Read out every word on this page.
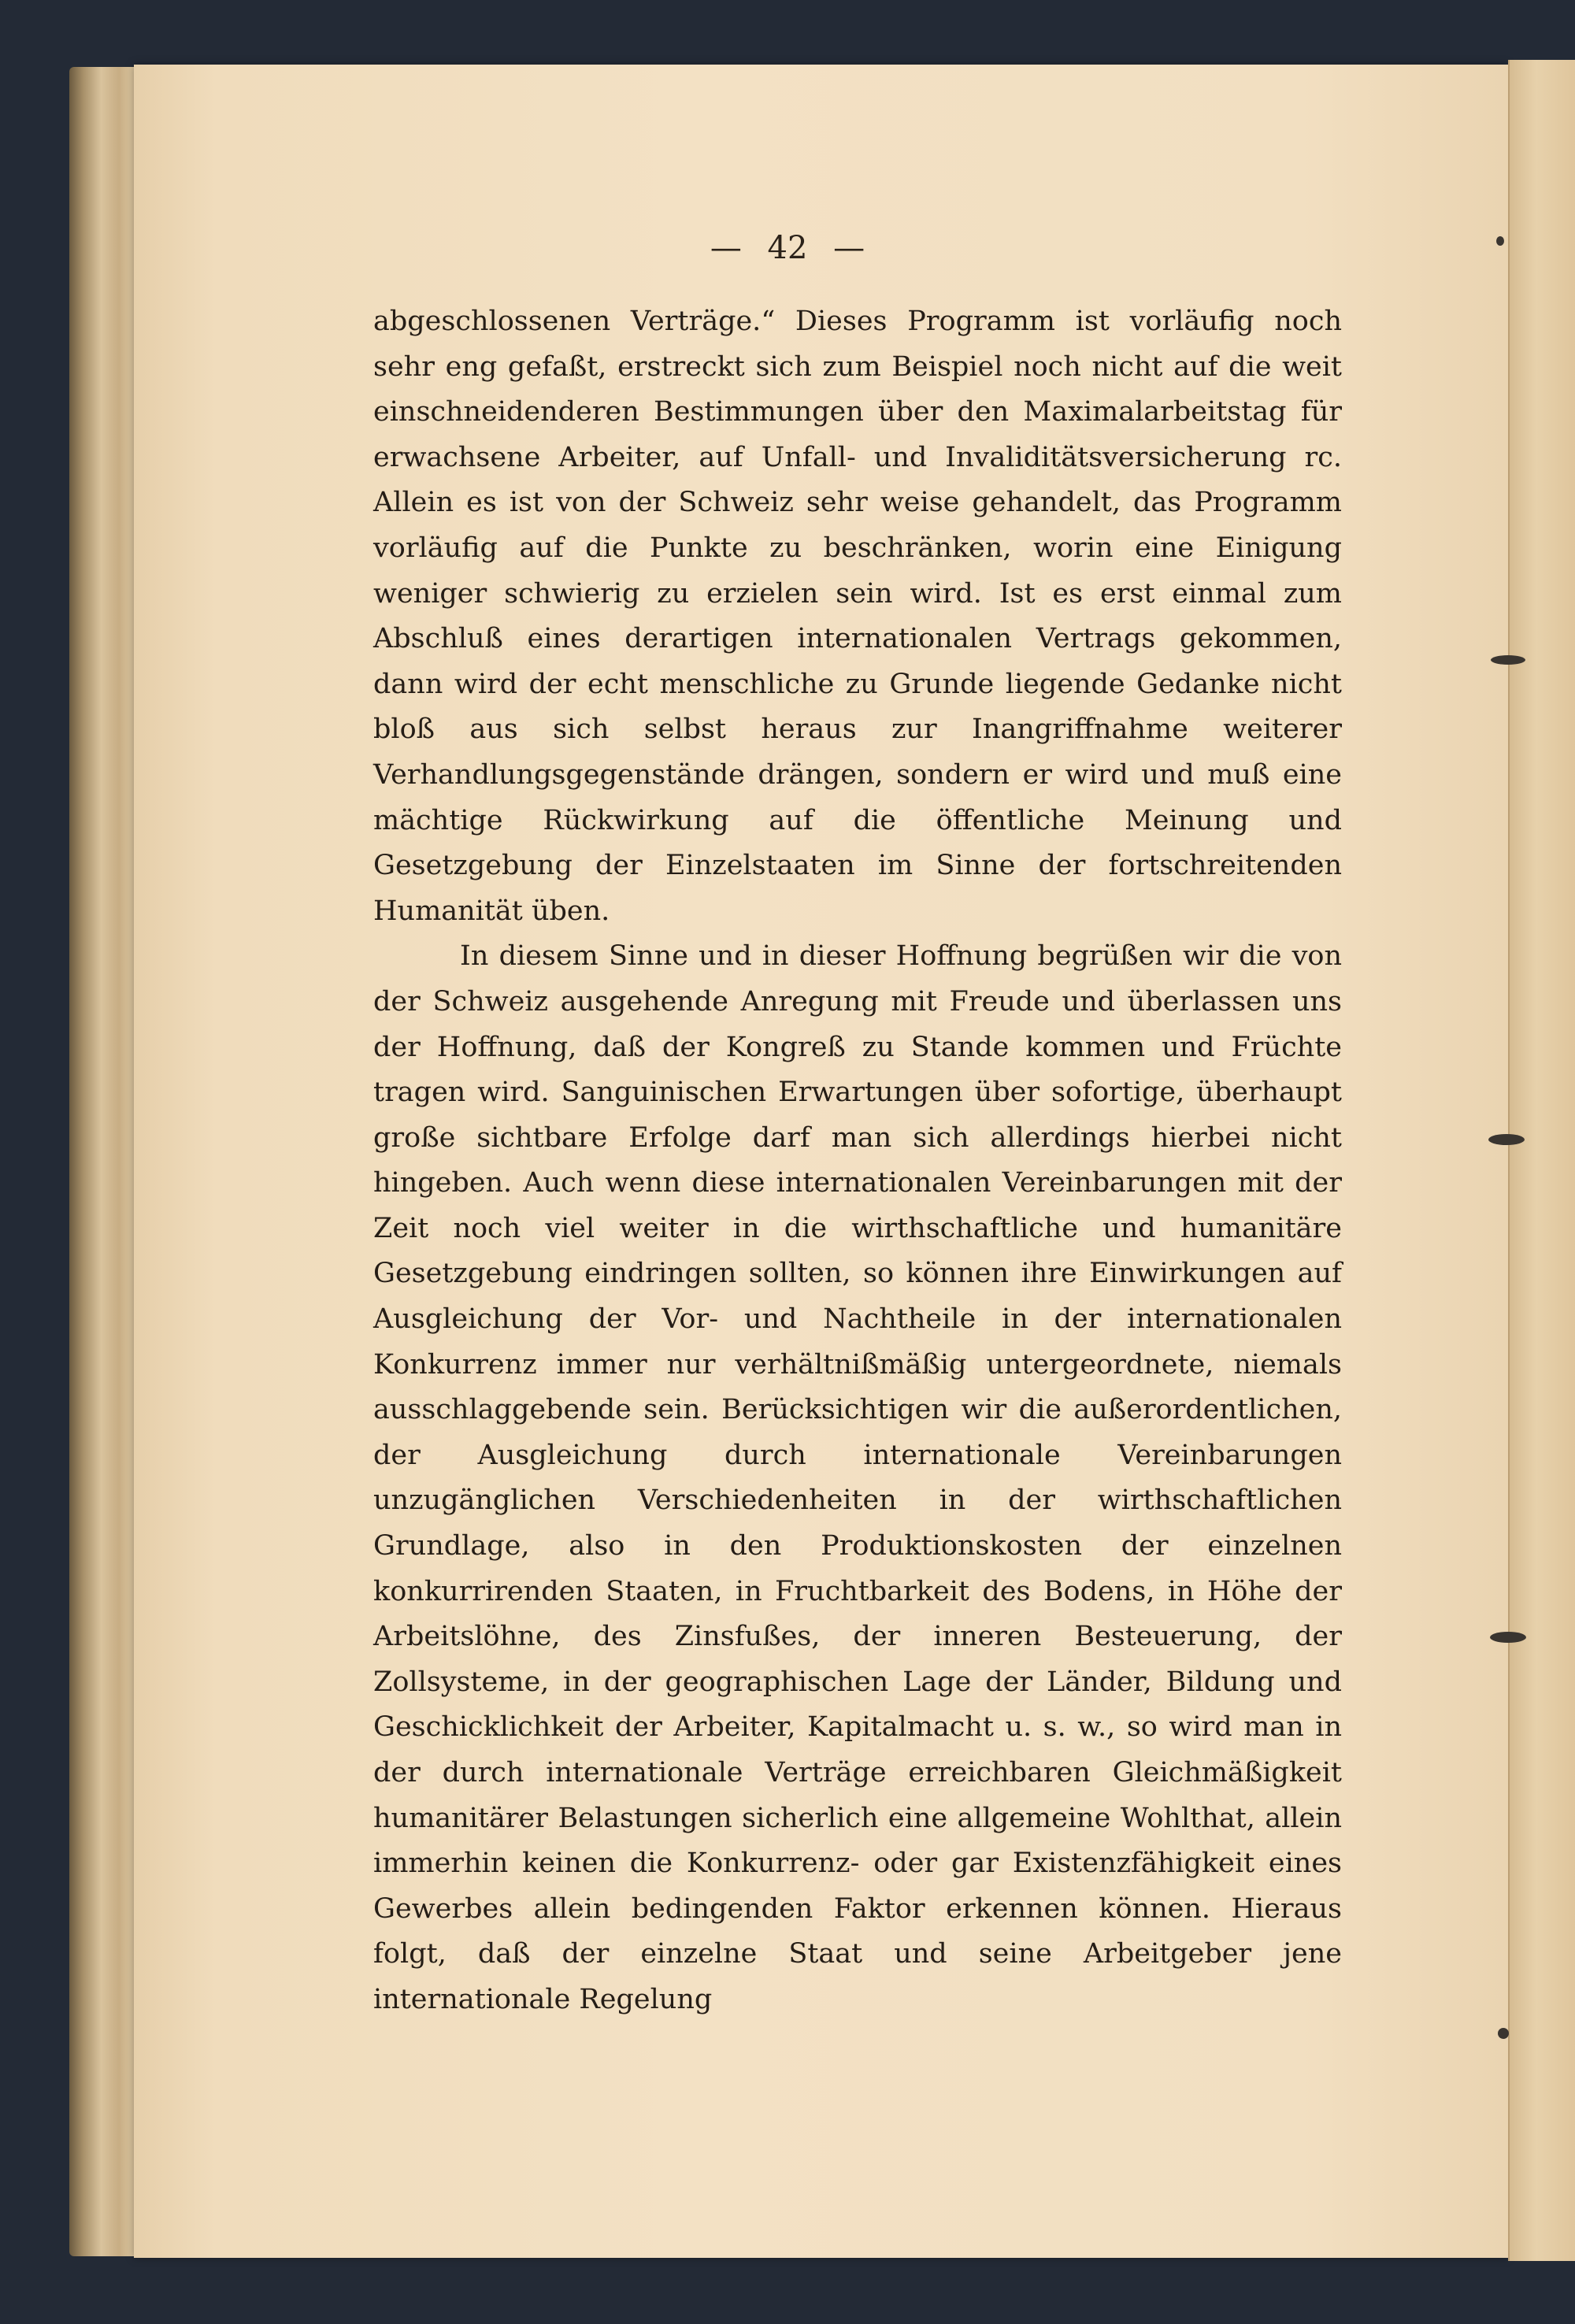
— 42 —

abgeschlossenen Verträge.“ Dieses Programm ist vorläufig noch sehr eng gefaßt, erstreckt sich zum Beispiel noch nicht auf die weit einschneidenderen Bestimmungen über den Maximalarbeitstag für erwachsene Arbeiter, auf Unfall- und Invaliditätsversicherung rc. Allein es ist von der Schweiz sehr weise gehandelt, das Programm vorläufig auf die Punkte zu beschränken, worin eine Einigung weniger schwierig zu erzielen sein wird. Ist es erst einmal zum Abschluß eines derartigen internationalen Vertrags gekommen, dann wird der echt menschliche zu Grunde liegende Gedanke nicht bloß aus sich selbst heraus zur Inangriffnahme weiterer Verhandlungsgegenstände drängen, sondern er wird und muß eine mächtige Rückwirkung auf die öffentliche Meinung und Gesetzgebung der Einzelstaaten im Sinne der fortschreitenden Humanität üben.

In diesem Sinne und in dieser Hoffnung begrüßen wir die von der Schweiz ausgehende Anregung mit Freude und überlassen uns der Hoffnung, daß der Kongreß zu Stande kommen und Früchte tragen wird. Sanguinischen Erwartungen über sofortige, überhaupt große sichtbare Erfolge darf man sich allerdings hierbei nicht hingeben. Auch wenn diese internationalen Vereinbarungen mit der Zeit noch viel weiter in die wirthschaftliche und humanitäre Gesetzgebung eindringen sollten, so können ihre Einwirkungen auf Ausgleichung der Vor- und Nachtheile in der internationalen Konkurrenz immer nur verhältnißmäßig untergeordnete, niemals ausschlaggebende sein. Berücksichtigen wir die außerordentlichen, der Ausgleichung durch internationale Vereinbarungen unzugänglichen Verschiedenheiten in der wirthschaftlichen Grundlage, also in den Produktionskosten der einzelnen konkurrirenden Staaten, in Fruchtbarkeit des Bodens, in Höhe der Arbeitslöhne, des Zinsfußes, der inneren Besteuerung, der Zollsysteme, in der geographischen Lage der Länder, Bildung und Geschicklichkeit der Arbeiter, Kapitalmacht u. s. w., so wird man in der durch internationale Verträge erreichbaren Gleichmäßigkeit humanitärer Belastungen sicherlich eine allgemeine Wohlthat, allein immerhin keinen die Konkurrenz- oder gar Existenzfähigkeit eines Gewerbes allein bedingenden Faktor erkennen können. Hieraus folgt, daß der einzelne Staat und seine Arbeitgeber jene internationale Regelung
